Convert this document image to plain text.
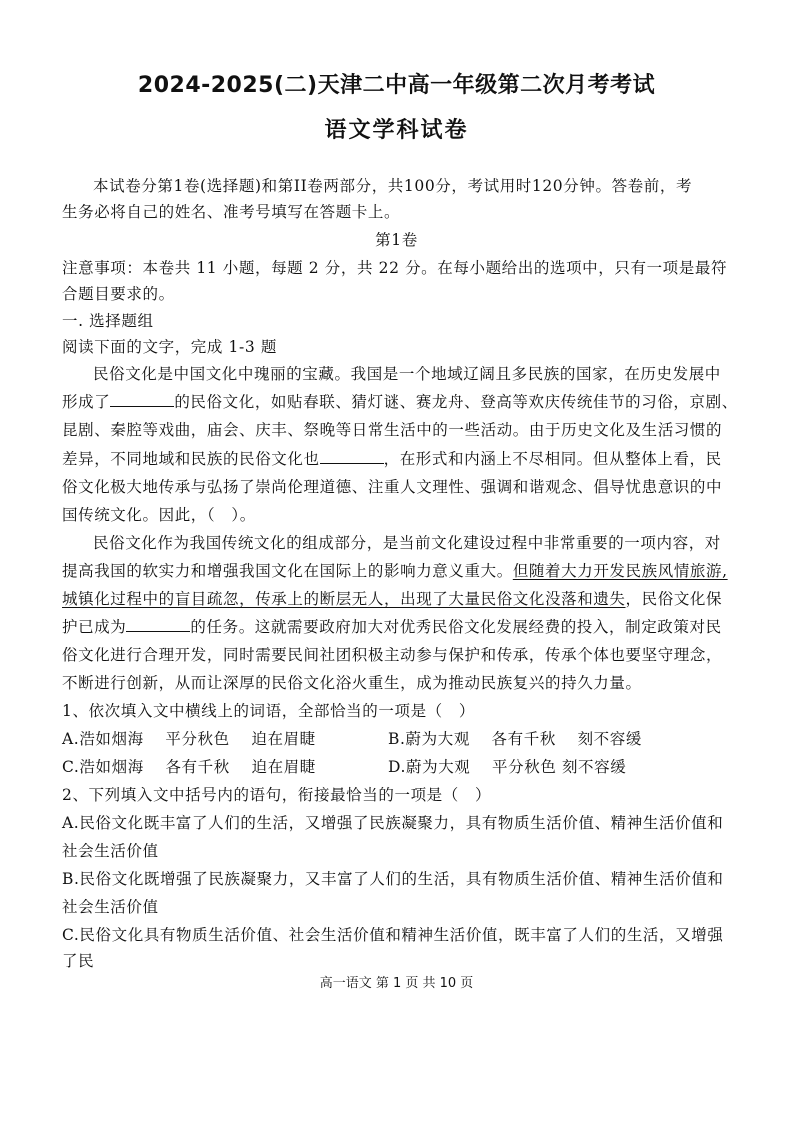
2024-2025(二)天津二中高一年级第二次月考考试
语文学科试卷
本试卷分第1卷(选择题)和第II卷两部分，共100分，考试用时120分钟。答卷前，考
生务必将自己的姓名、准考号填写在答题卡上。
第1卷
注意事项：本卷共 11 小题，每题 2 分，共 22 分。在每小题给出的选项中，只有一项是最符
合题目要求的。
一. 选择题组
阅读下面的文字，完成 1-3 题
民俗文化是中国文化中瑰丽的宝藏。我国是一个地域辽阔且多民族的国家，在历史发展中
形成了	的民俗文化，如贴春联、猜灯谜、赛龙舟、登高等欢庆传统佳节的习俗，京剧、
昆剧、秦腔等戏曲，庙会、庆丰、祭晚等日常生活中的一些活动。由于历史文化及生活习惯的
差异，不同地域和民族的民俗文化也	，在形式和内涵上不尽相同。但从整体上看，民
俗文化极大地传承与弘扬了崇尚伦理道德、注重人文理性、强调和谐观念、倡导忧患意识的中
国传统文化。因此，（　）。
民俗文化作为我国传统文化的组成部分，是当前文化建设过程中非常重要的一项内容，对
提高我国的软实力和增强我国文化在国际上的影响力意义重大。但随着大力开发民族风情旅游,
城镇化过程中的盲目疏忽，传承上的断层无人，出现了大量民俗文化没落和遗失，民俗文化保
护已成为	的任务。这就需要政府加大对优秀民俗文化发展经费的投入，制定政策对民
俗文化进行合理开发，同时需要民间社团积极主动参与保护和传承，传承个体也要坚守理念，
不断进行创新，从而让深厚的民俗文化浴火重生，成为推动民族复兴的持久力量。
1、依次填入文中横线上的词语，全部恰当的一项是（　）
A.浩如烟海　 平分秋色　 迫在眉睫	B.蔚为大观　 各有千秋　 刻不容缓
C.浩如烟海　 各有千秋　 迫在眉睫	D.蔚为大观　 平分秋色 刻不容缓
2、下列填入文中括号内的语句，衔接最恰当的一项是（　）
A.民俗文化既丰富了人们的生活，又增强了民族凝聚力，具有物质生活价值、精神生活价值和
社会生活价值
B.民俗文化既增强了民族凝聚力，又丰富了人们的生活，具有物质生活价值、精神生活价值和
社会生活价值
C.民俗文化具有物质生活价值、社会生活价值和精神生活价值，既丰富了人们的生活，又增强
了民
高一语文 第 1 页 共 10 页
